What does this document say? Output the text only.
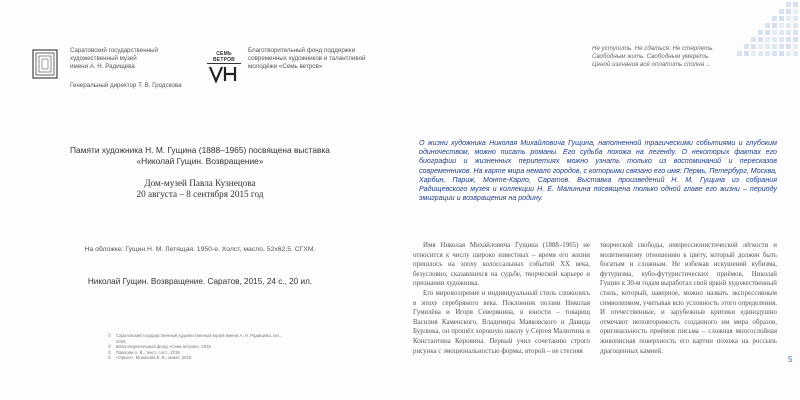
Саратовский государственный
художественный музей
имени А. Н. Радищева
Генеральный директор Т. В. Гродскова
СЕМЬ ВЕТРОВ
Благотворительный фонд поддержки
современных художников и талантливой
молодёжи «Семь ветров»
Памяти художника Н. М. Гущина (1888–1965) посвящена выставка
«Николай Гущин. Возвращение»
Дом-музей Павла Кузнецова
20 августа – 8 сентября 2015 год
На обложке: Гущин Н. М. Летящая. 1950-е. Холст, масло. 52х62,5. СГХМ.
Николай Гущин. Возвращение. Саратов, 2015, 24 с., 20 ил.
©	Саратовский государственный художественный музей имени А. Н. Радищева, кат., 2015
©	Благотворительный фонд «Семь ветров», 2015
©	Павлова А. В., текст, сост., 2015
©	«Оркон», Монахова Е. В., макет, 2015
Не уступить. Не сдаться. Не стерпеть.
Свободным жить. Свободным умереть.
Ценой изгнания всё оплатить сполна ...
О жизни художника Николая Михайловича Гущина, наполненной трагическими событиями и глубоким одиночеством, можно писать романы. Его судьба похожа на легенду. О некоторых фактах его биографии и жизненных перипетиях можно узнать только из воспоминаний и пересказов современников. На карте мира немало городов, с которыми связано его имя: Пермь, Петербург, Москва, Харбин, Париж, Монте-Карло, Саратов. Выставка произведений Н. М. Гущина из собрания Радищевского музея и коллекции Н. Е. Малинина посвящена только одной главе его жизни – периоду эмиграции и возвращения на родину.

Имя Николая Михайловича Гущина (1888–1965) не относится к числу широко известных – время его жизни пришлось на эпоху колоссальных событий XX века, безусловно, сказавшихся на судьбе, творческой карьере и признании художника.

Его мировоззрение и индивидуальный стиль сложились в эпоху серебряного века. Поклонник поэзии Николая Гумилёва и Игоря Северянина, в юности – товарищ Василия Каменского, Владимира Маяковского и Давида Бурлюка, он прошёл хорошую школу у Сергея Малютина и Константина Коровина. Первый учил сочетанию строго рисунка с эмоциональностью формы, второй – не стесняя

творческой свободы, импрессионистической лёгкости и молитвенному отношению к цвету, который должен быть богатым и сложным. Не избежав искушений кубизма, футуризма, кубо-футуристических приёмов, Николай Гущин к 30-м годам выработал свой яркий художественный стиль, который, наверное, можно назвать экспрессивным символизмом, учитывая всю условность этого определения. И отечественные, и зарубежные критики единодушно отмечают неповторимость созданного им мира образов, оригинальность приёмов письма – сложная многослойная живописная поверхность его картин похожа на россыпь драгоценных камней.

5
